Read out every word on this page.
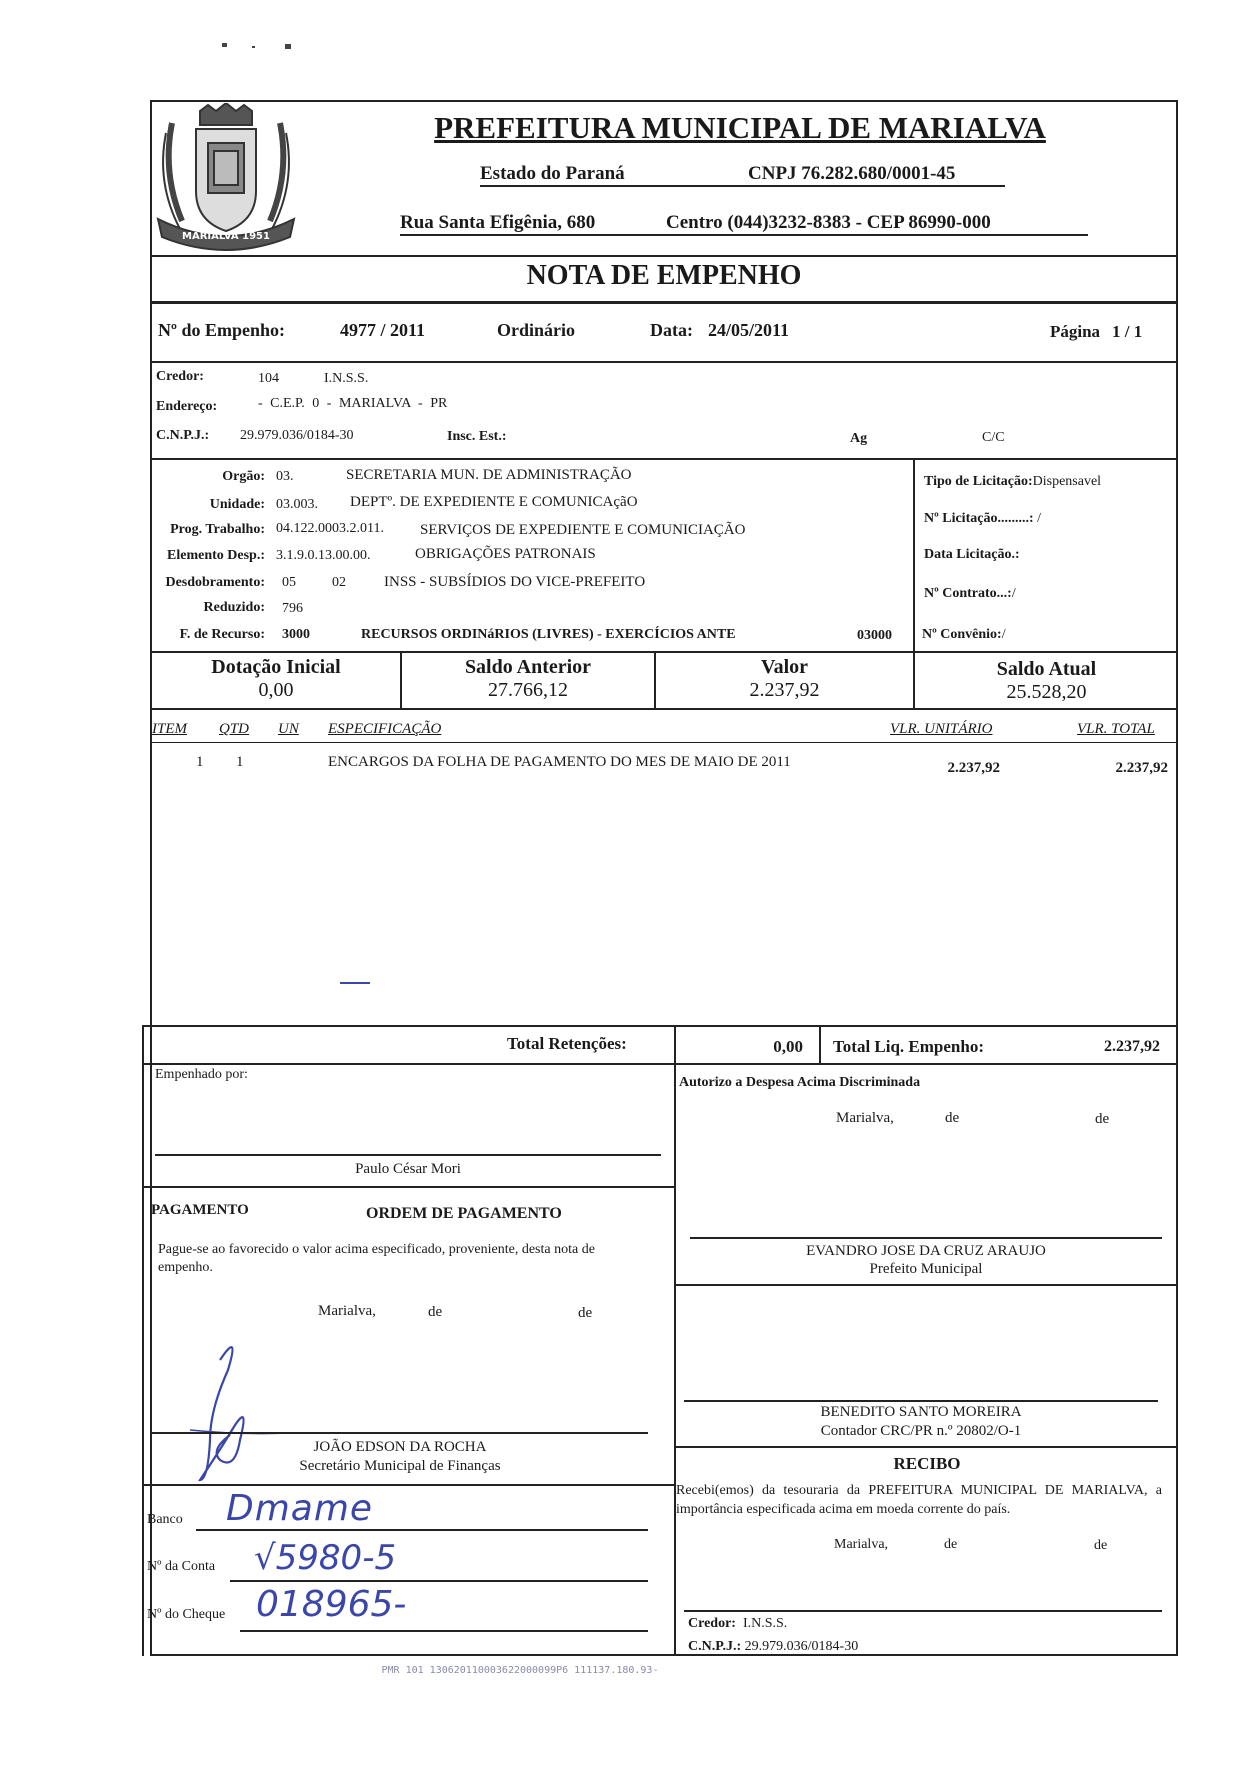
MARIALVA 1951
PREFEITURA MUNICIPAL DE MARIALVA
Estado do Paraná	CNPJ 76.282.680/0001-45
Rua Santa Efigênia, 680	Centro (044)3232-8383 - CEP 86990-000
NOTA DE EMPENHO
Nº do Empenho:	4977 / 2011	Ordinário	Data: 24/05/2011	Página 1 / 1
Credor:	104	I.N.S.S.
Endereço:	- C.E.P. 0 - MARIALVA - PR
C.N.P.J.: 29.979.036/0184-30	Insc. Est.:	Ag	C/C
Orgão: 03.	SECRETARIA MUN. DE ADMINISTRAÇÃO
Unidade: 03.003. DEPTº. DE EXPEDIENTE E COMUNICAçãO
Prog. Trabalho: 04.122.0003.2.011. SERVIÇOS DE EXPEDIENTE E COMUNICIAÇÃO
Elemento Desp.: 3.1.9.0.13.00.00.	OBRIGAÇÕES PATRONAIS
Desdobramento: 05	02	INSS - SUBSÍDIOS DO VICE-PREFEITO
Reduzido: 796
F. de Recurso: 3000	RECURSOS ORDINáRIOS (LIVRES) - EXERCÍCIOS ANTE	03000
Tipo de Licitação:Dispensavel
Nº Licitação.........: /
Data Licitação.:
Nº Contrato...:/
Nº Convênio:/
Dotação Inicial
0,00
Saldo Anterior
27.766,12
Valor
2.237,92
Saldo Atual
25.528,20
ITEM QTD UN ESPECIFICAÇÃO	VLR. UNITÁRIO	VLR. TOTAL
1 1	ENCARGOS DA FOLHA DE PAGAMENTO DO MES DE MAIO DE 2011	2.237,92	2.237,92
Total Retenções:	0,00 Total Liq. Empenho:	2.237,92
Empenhado por:
Paulo César Mori
Autorizo a Despesa Acima Discriminada
Marialva,	de	de
EVANDRO JOSE DA CRUZ ARAUJO
Prefeito Municipal
PAGAMENTO	ORDEM DE PAGAMENTO
Pague-se ao favorecido o valor acima especificado, proveniente, desta nota de empenho.
Marialva,	de	de
JOÃO EDSON DA ROCHA
Secretário Municipal de Finanças
Banco Dmame
Nº da Conta √5980-5
Nº do Cheque 018965-
BENEDITO SANTO MOREIRA
Contador CRC/PR n.º 20802/O-1
RECIBO
Recebi(emos) da tesouraria da PREFEITURA MUNICIPAL DE MARIALVA, a importância especificada acima em moeda corrente do país.
Marialva,	de	de
Credor: I.N.S.S.
C.N.P.J.: 29.979.036/0184-30
PMR 101 130620110003622000099P6 111137.180.93-
